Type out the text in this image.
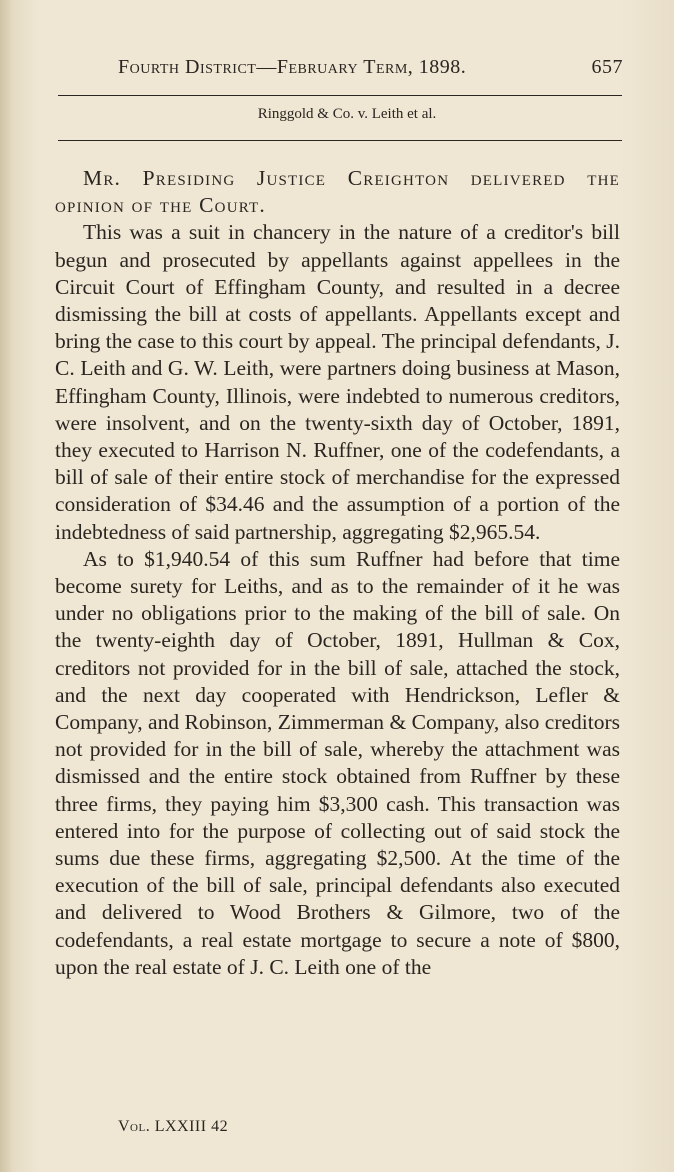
Fourth District—February Term, 1898.	657
Ringgold & Co. v. Leith et al.

Mr. Presiding Justice Creighton delivered the opinion of the Court.

This was a suit in chancery in the nature of a creditor's bill begun and prosecuted by appellants against appellees in the Circuit Court of Effingham County, and resulted in a decree dismissing the bill at costs of appellants. Appellants except and bring the case to this court by appeal. The principal defendants, J. C. Leith and G. W. Leith, were partners doing business at Mason, Effingham County, Illinois, were indebted to numerous creditors, were insolvent, and on the twenty-sixth day of October, 1891, they executed to Harrison N. Ruffner, one of the codefendants, a bill of sale of their entire stock of merchandise for the expressed consideration of $34.46 and the assumption of a portion of the indebtedness of said partnership, aggregating $2,965.54.

As to $1,940.54 of this sum Ruffner had before that time become surety for Leiths, and as to the remainder of it he was under no obligations prior to the making of the bill of sale. On the twenty-eighth day of October, 1891, Hullman & Cox, creditors not provided for in the bill of sale, attached the stock, and the next day cooperated with Hendrickson, Lefler & Company, and Robinson, Zimmerman & Company, also creditors not provided for in the bill of sale, whereby the attachment was dismissed and the entire stock obtained from Ruffner by these three firms, they paying him $3,300 cash. This transaction was entered into for the purpose of collecting out of said stock the sums due these firms, aggregating $2,500. At the time of the execution of the bill of sale, principal defendants also executed and delivered to Wood Brothers & Gilmore, two of the codefendants, a real estate mortgage to secure a note of $800, upon the real estate of J. C. Leith one of the

Vol. LXXIII 42
